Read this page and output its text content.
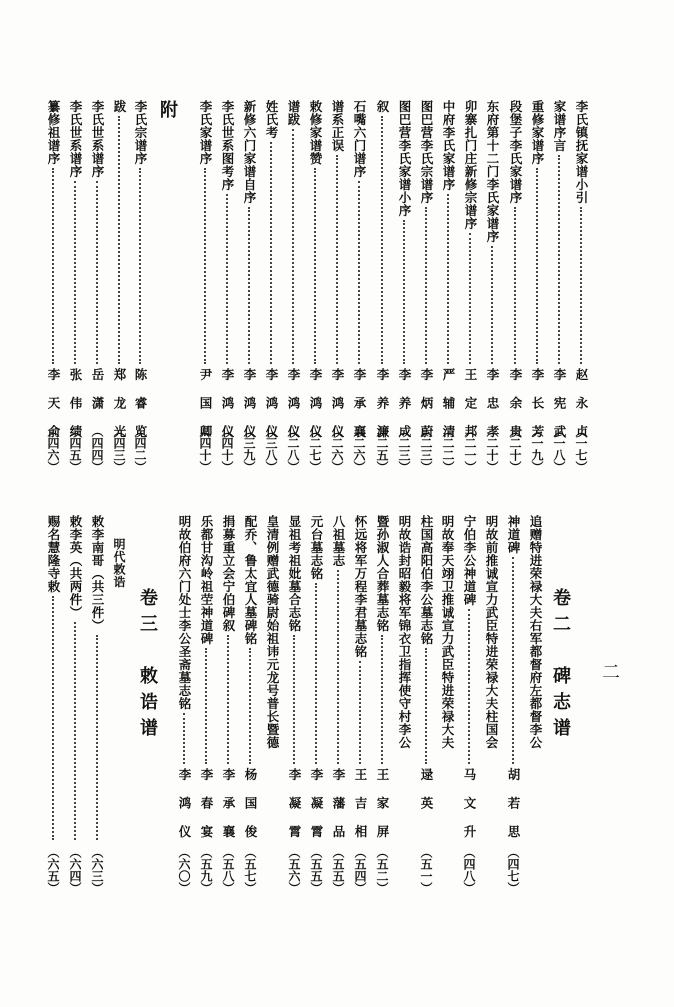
李氏镇抚家谱小引
赵 永 贞
（一七）
家谱序言
李 宪 武
（一八）
重修家谱序
李 长 芳
（一九）
段堡子李氏家谱序
李 余 贵
（二十）
东府第十二门李氏家谱序
李 忠 孝
（二十）
卯寨扎门庄新修宗谱序
王 定 邦
（二一）
中府李氏家谱序
严 辅 清
（二二）
图巴营李氏宗谱序
李 炳 蔚
（二三）
图巴营李氏家谱小序
李 养 成
（二三）
叙
李 养 濂
（二五）
石嘴六门谱序
李 承 襄
（二六）
谱系正误
李 鸿 仪
（二六）
敕修家谱赞
李 鸿 仪
（二七）
谱跋
李 鸿 仪
（二八）
姓氏考
李 鸿 仪
（三八）
新修六门家谱自序
李 鸿 仪
（三九）
李氏世系图考序
李 鸿 仪
（四十）
李氏家谱序
尹 国 卿
（四十）
附
李氏宗谱序
陈 睿 览
（四二）
跋
郑 龙 光
（四三）
李氏世系谱序
岳 潇
（四四）
李氏世系谱序
张 伟 绩
（四五）
纂修祖谱序
李 天 俞
（四六）
卷二　碑志谱
追赠特进荣禄大夫右军都督府左都督李公
神道碑
胡 若 思
（四七）
明故前推诚宣力武臣特进荣禄大夫柱国会
宁伯李公神道碑
马 文 升
（四八）
明故奉天翊卫推诚宣力武臣特进荣禄大夫
柱国高阳伯李公墓志铭
逯 英
（五一）
明故诰封昭毅将军锦衣卫指挥使守村李公
暨孙淑人合葬墓志铭
王 家 屏
（五二）
怀远将军万程李君墓志铭
王 吉 相
（五四）
八祖墓志
李 藩 品
（五五）
元台墓志铭
李 凝 霄
（五五）
显祖考祖妣墓合志铭
李 凝 霄
（五六）
皇清例赠武德骑尉始祖讳元龙号普长暨德
配乔、鲁太宜人墓碑铭
杨 国 俊
（五七）
捐募重立会宁伯碑叙
李 承 襄
（五八）
乐都甘沟岭祖茔神道碑
李 春 宴
（五九）
明故伯府六门处士李公圣斋墓志铭
李 鸿 仪
（六〇）
卷三　敕诰谱
明代敕诰
敕李南哥（共三件）
（六三）
敕李英（共两件）
（六四）
赐名慧隆寺敕
（六五）
二
